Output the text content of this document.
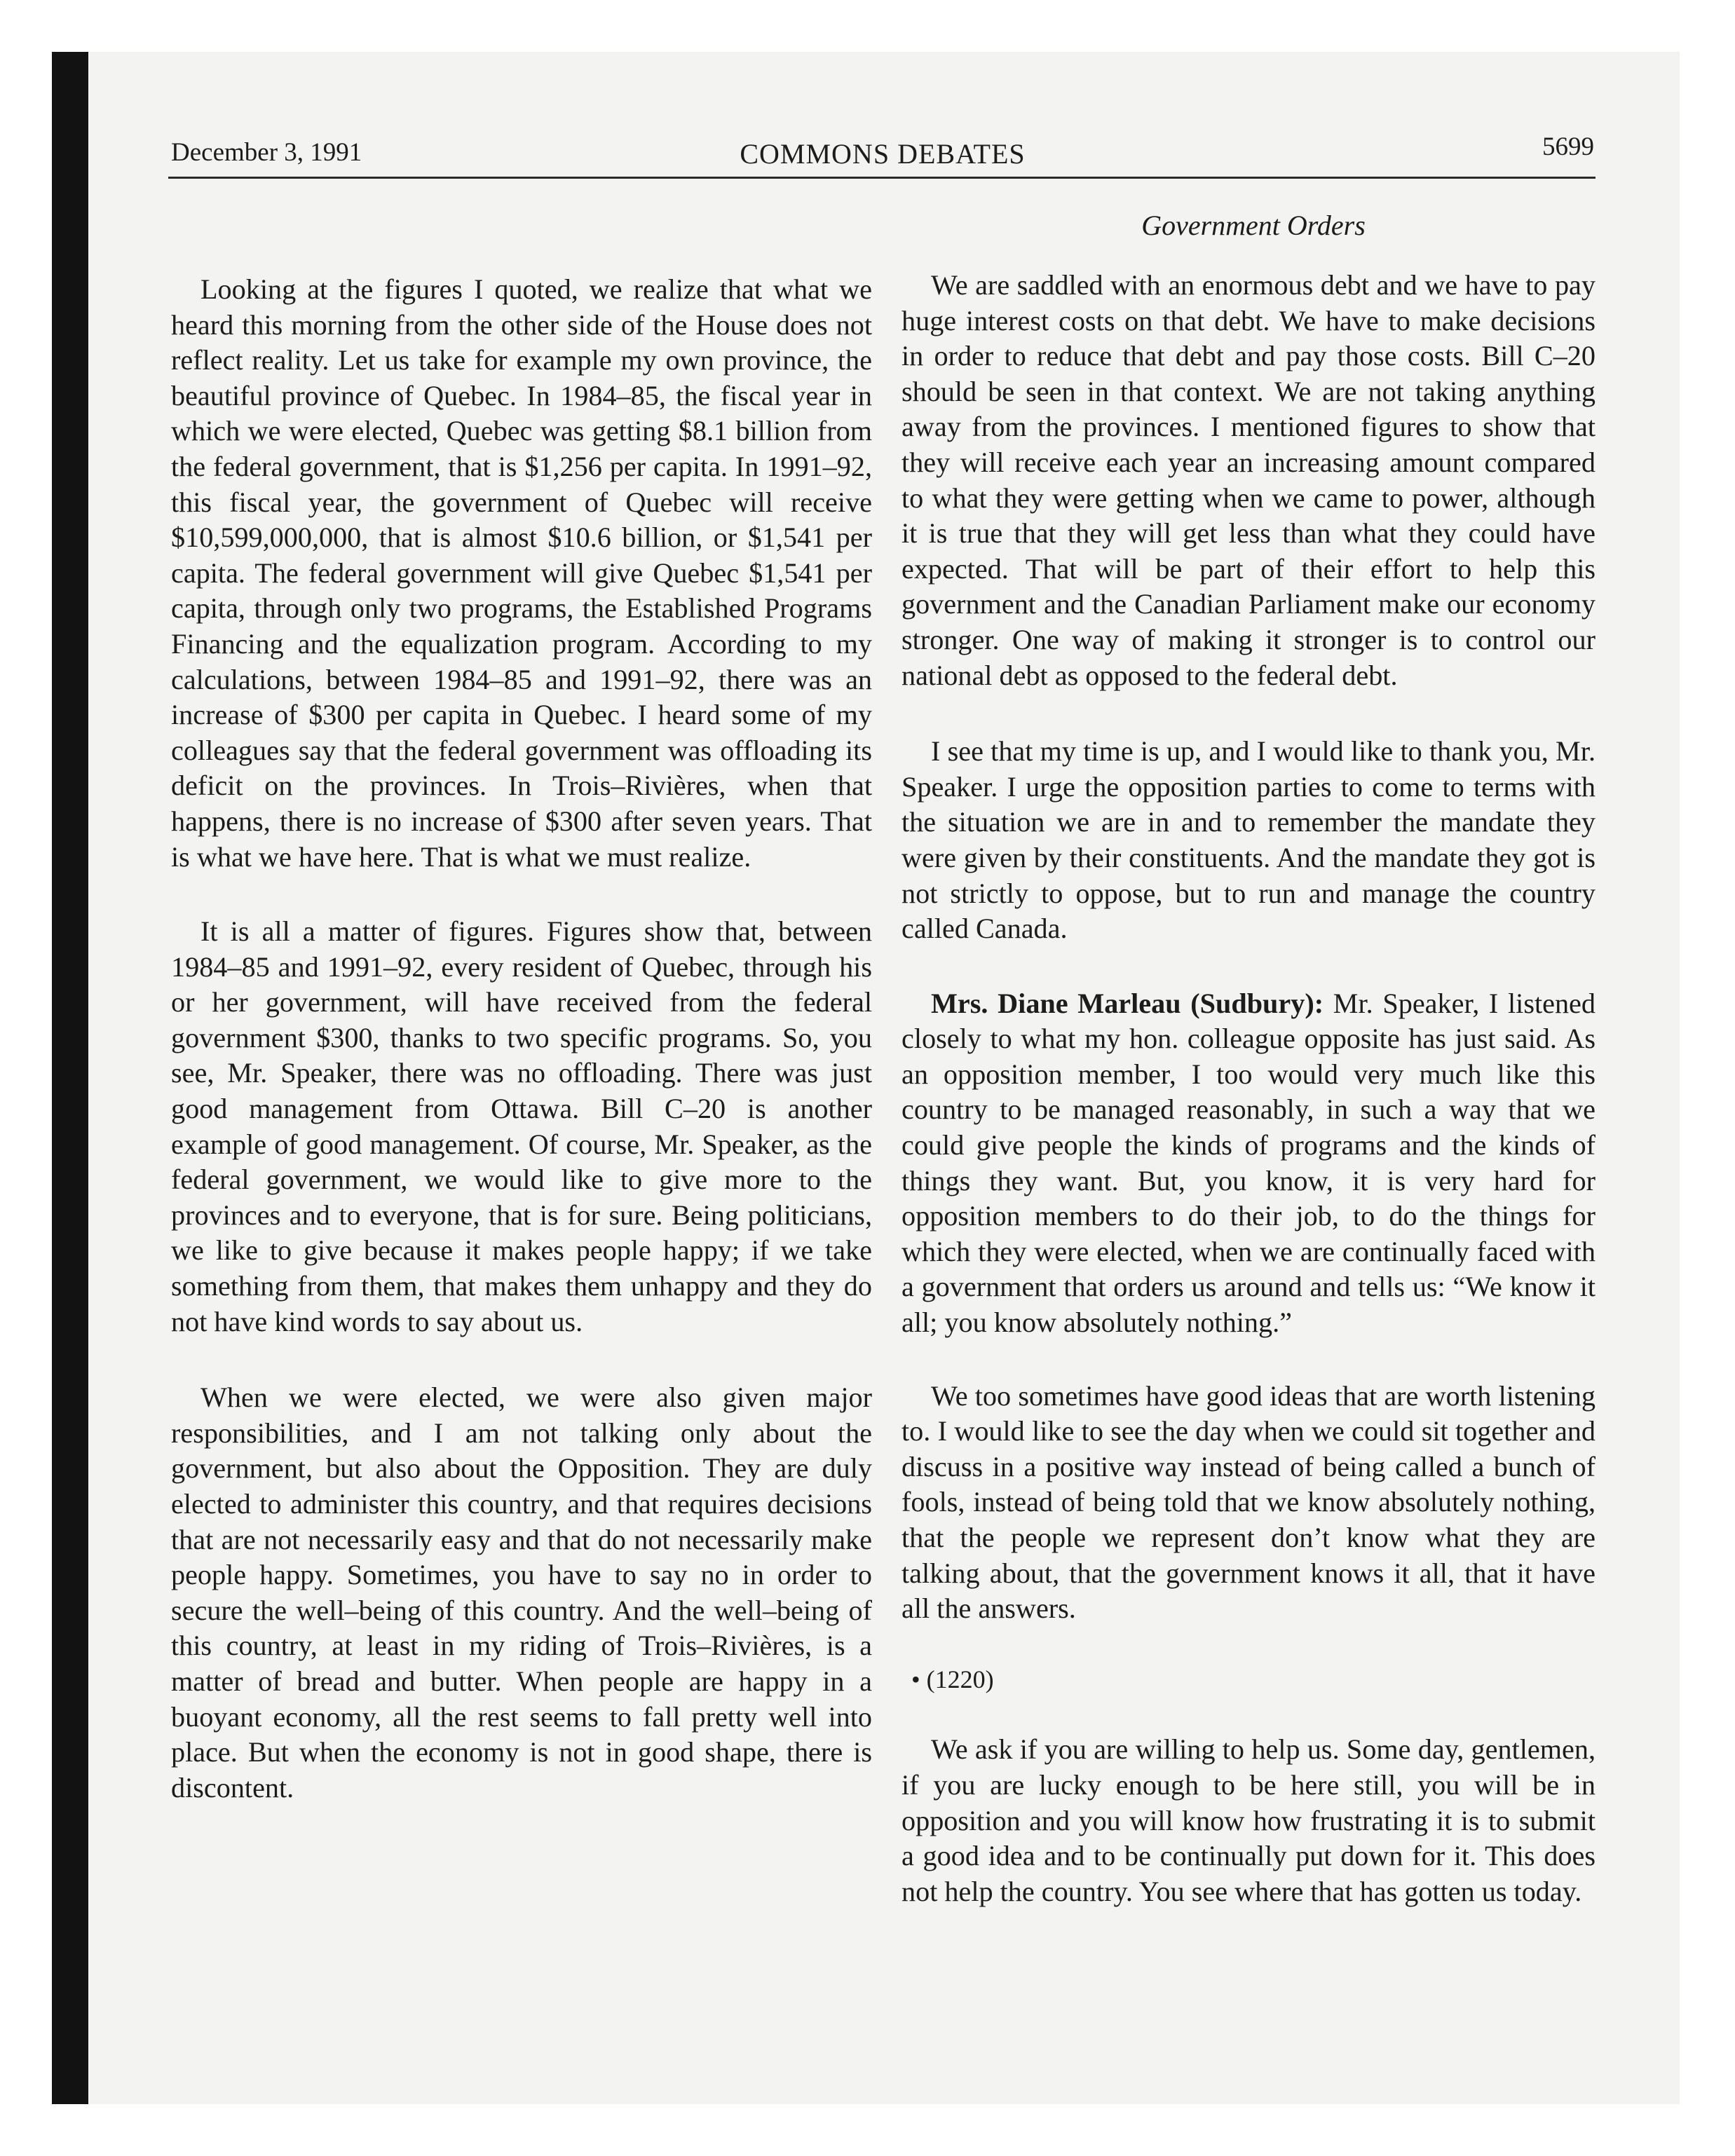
December 3, 1991	COMMONS DEBATES	5699
Government Orders

Looking at the figures I quoted, we realize that what we heard this morning from the other side of the House does not reflect reality. Let us take for example my own province, the beautiful province of Quebec. In 1984–85, the fiscal year in which we were elected, Quebec was getting $8.1 billion from the federal government, that is $1,256 per capita. In 1991–92, this fiscal year, the government of Quebec will receive $10,599,000,000, that is almost $10.6 billion, or $1,541 per capita. The federal government will give Quebec $1,541 per capita, through only two programs, the Established Programs Financing and the equalization program. According to my calculations, between 1984–85 and 1991–92, there was an increase of $300 per capita in Quebec. I heard some of my colleagues say that the federal government was offloading its deficit on the provinces. In Trois–Rivières, when that happens, there is no increase of $300 after seven years. That is what we have here. That is what we must realize.

It is all a matter of figures. Figures show that, between 1984–85 and 1991–92, every resident of Quebec, through his or her government, will have received from the federal government $300, thanks to two specific programs. So, you see, Mr. Speaker, there was no offloading. There was just good management from Ottawa. Bill C–20 is another example of good management. Of course, Mr. Speaker, as the federal government, we would like to give more to the provinces and to everyone, that is for sure. Being politicians, we like to give because it makes people happy; if we take something from them, that makes them unhappy and they do not have kind words to say about us.

When we were elected, we were also given major responsibilities, and I am not talking only about the government, but also about the Opposition. They are duly elected to administer this country, and that requires decisions that are not necessarily easy and that do not necessarily make people happy. Sometimes, you have to say no in order to secure the well–being of this country. And the well–being of this country, at least in my riding of Trois–Rivières, is a matter of bread and butter. When people are happy in a buoyant economy, all the rest seems to fall pretty well into place. But when the economy is not in good shape, there is discontent.

We are saddled with an enormous debt and we have to pay huge interest costs on that debt. We have to make decisions in order to reduce that debt and pay those costs. Bill C–20 should be seen in that context. We are not taking anything away from the provinces. I mentioned figures to show that they will receive each year an increasing amount compared to what they were getting when we came to power, although it is true that they will get less than what they could have expected. That will be part of their effort to help this government and the Canadian Parliament make our economy stronger. One way of making it stronger is to control our national debt as opposed to the federal debt.

I see that my time is up, and I would like to thank you, Mr. Speaker. I urge the opposition parties to come to terms with the situation we are in and to remember the mandate they were given by their constituents. And the mandate they got is not strictly to oppose, but to run and manage the country called Canada.

Mrs. Diane Marleau (Sudbury): Mr. Speaker, I listened closely to what my hon. colleague opposite has just said. As an opposition member, I too would very much like this country to be managed reasonably, in such a way that we could give people the kinds of programs and the kinds of things they want. But, you know, it is very hard for opposition members to do their job, to do the things for which they were elected, when we are continually faced with a government that orders us around and tells us: “We know it all; you know absolutely nothing.”

We too sometimes have good ideas that are worth listening to. I would like to see the day when we could sit together and discuss in a positive way instead of being called a bunch of fools, instead of being told that we know absolutely nothing, that the people we represent don’t know what they are talking about, that the government knows it all, that it have all the answers.

• (1220)

We ask if you are willing to help us. Some day, gentlemen, if you are lucky enough to be here still, you will be in opposition and you will know how frustrating it is to submit a good idea and to be continually put down for it. This does not help the country. You see where that has gotten us today.
